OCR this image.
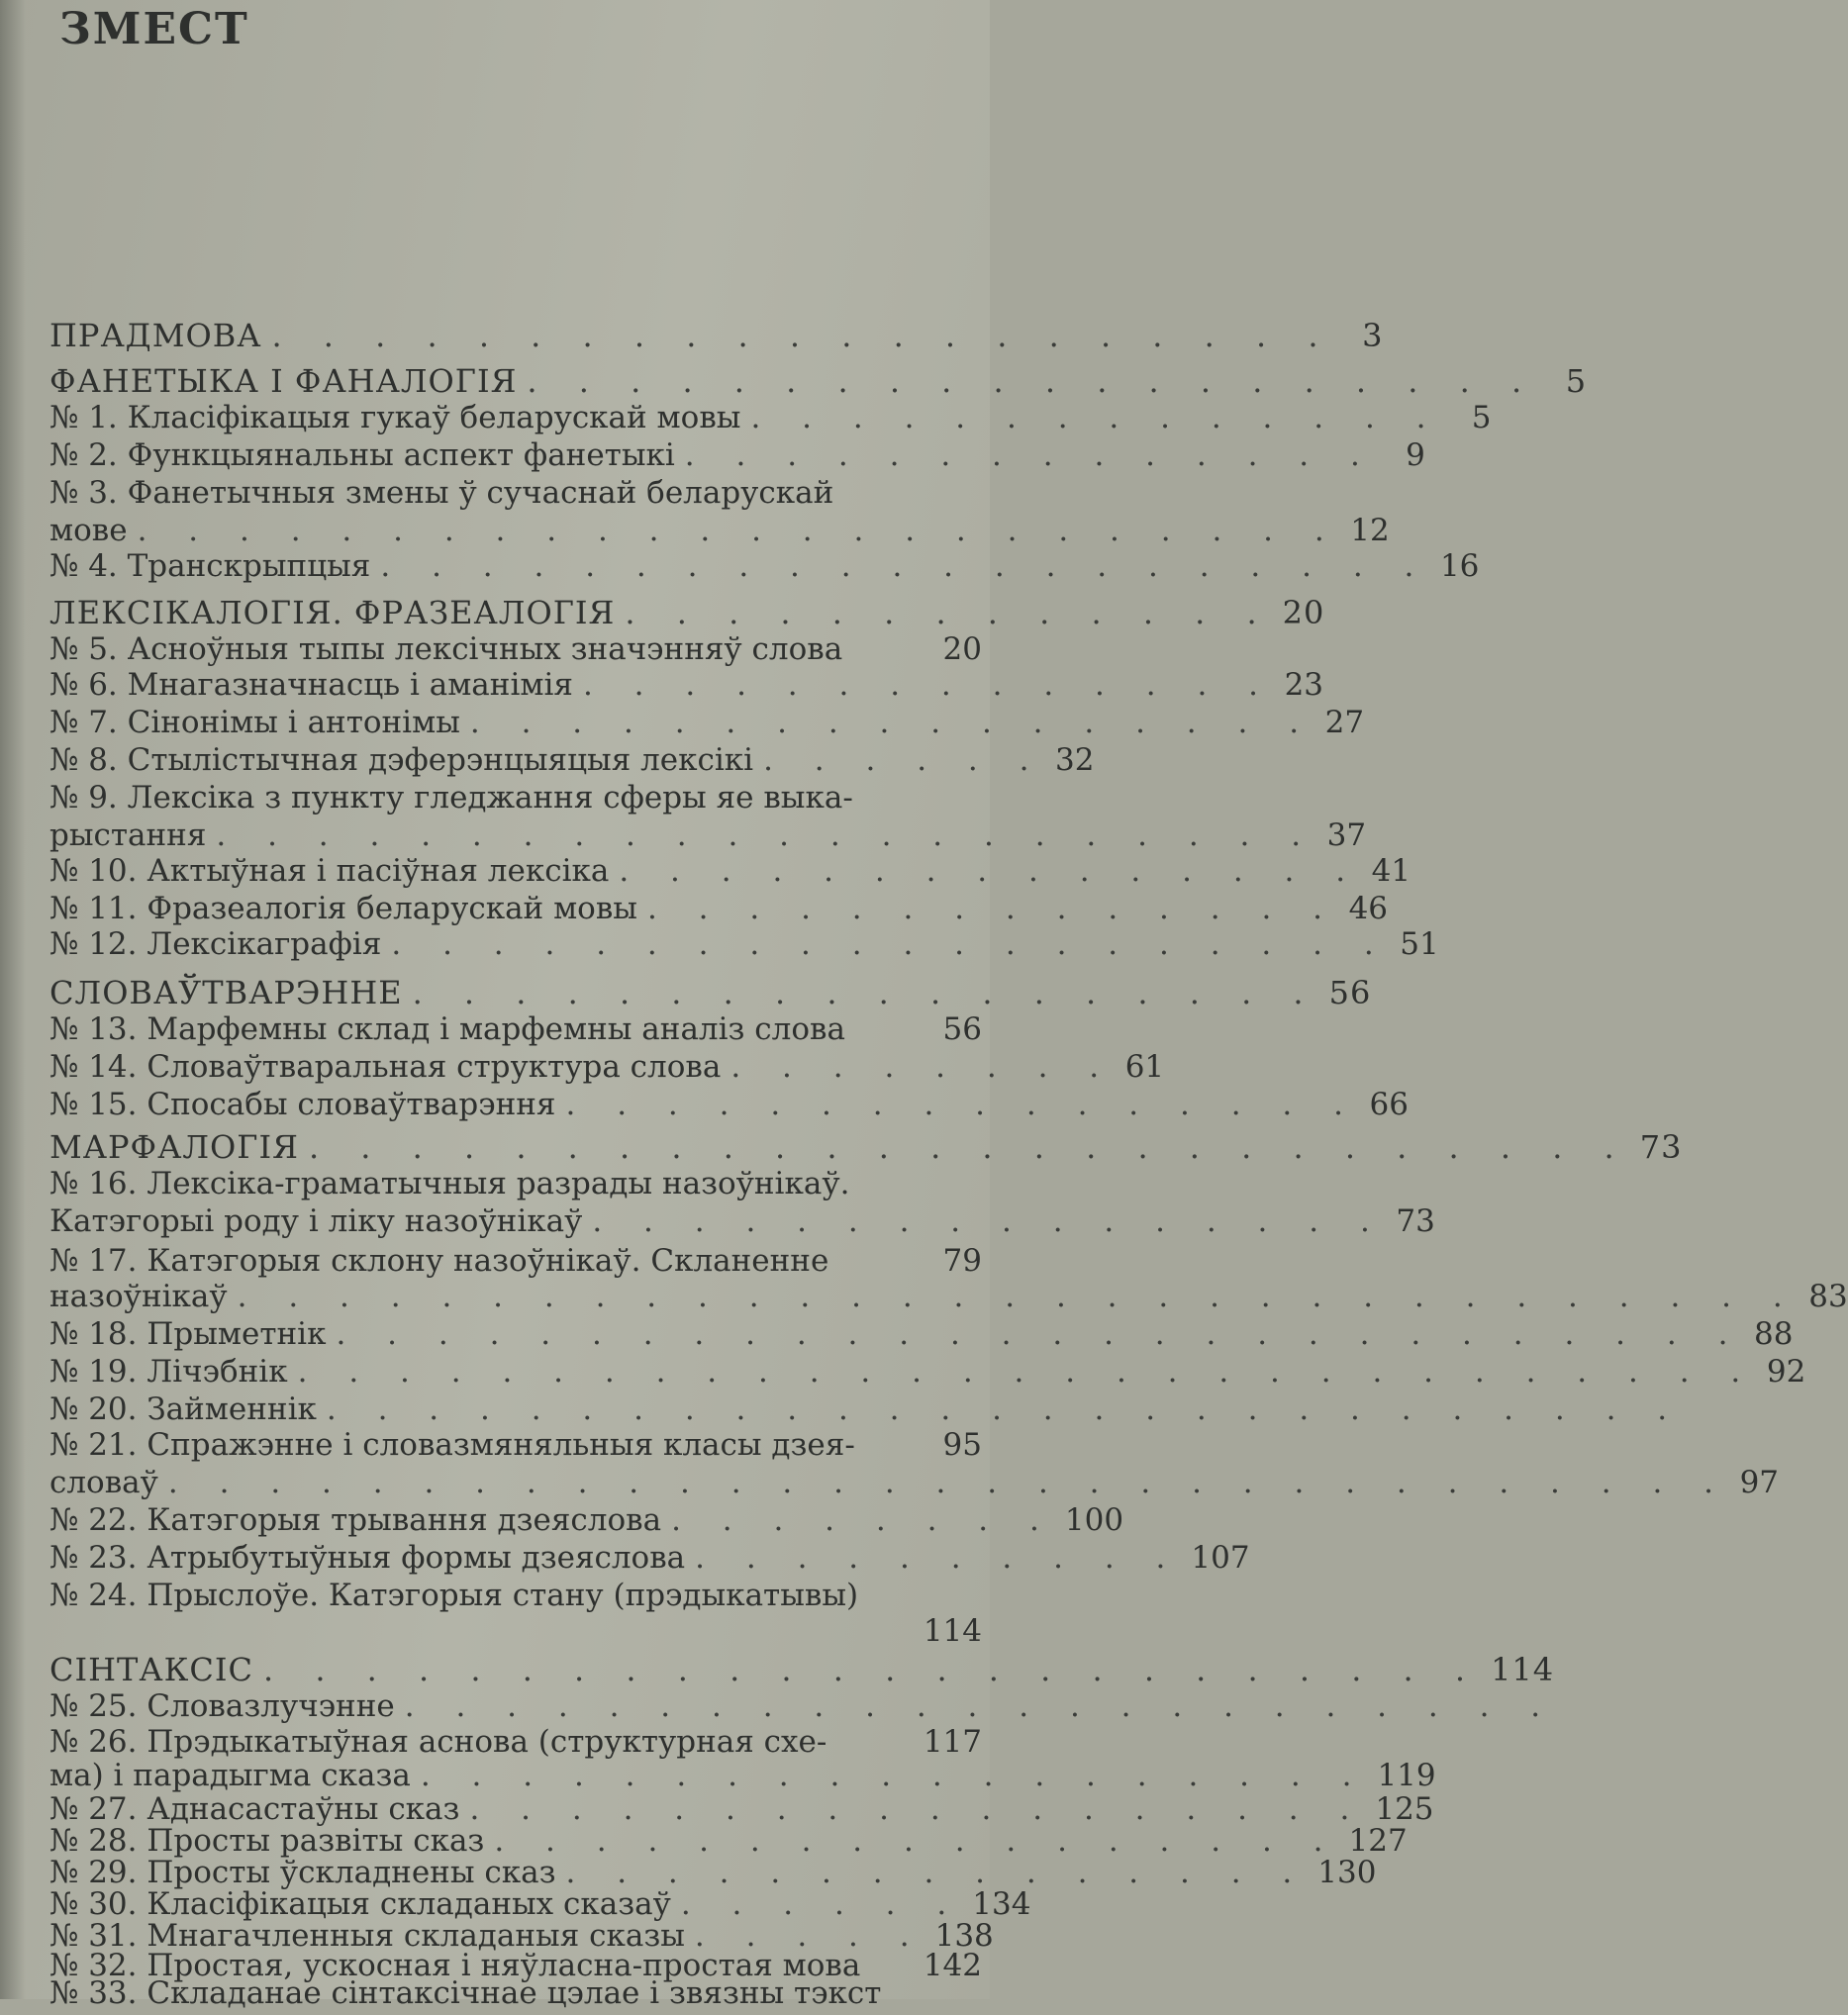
ЗМЕСТ
ПРАДМОВА . . . . . . . . . . . . . . . . . . . . . 3
ФАНЕТЫКА І ФАНАЛОГІЯ . . . . . . . . . . . . . . . . . . . . 5
№ 1. Класіфікацыя гукаў беларускай мовы . . . . . . . . . . . . . . 5
№ 2. Функцыянальны аспект фанетыкі . . . . . . . . . . . . . . 9
№ 3. Фанетычныя змены ў сучаснай беларускай
мове . . . . . . . . . . . . . . . . . . . . . . . . 12
№ 4. Транскрыпцыя . . . . . . . . . . . . . . . . . . . . . 16
ЛЕКСІКАЛОГІЯ. ФРАЗЕАЛОГІЯ . . . . . . . . . . . . . 20
№ 5. Асноўныя тыпы лексічных значэнняў слова	20
№ 6. Мнагазначнасць і аманімія . . . . . . . . . . . . . . 23
№ 7. Сінонімы і антонімы . . . . . . . . . . . . . . . . . 27
№ 8. Стылістычная дэферэнцыяцыя лексікі . . . . . . 32
№ 9. Лексіка з пункту гледжання сферы яе выка-
рыстання . . . . . . . . . . . . . . . . . . . . . . 37
№ 10. Актыўная і пасіўная лексіка . . . . . . . . . . . . . . . 41
№ 11. Фразеалогія беларускай мовы . . . . . . . . . . . . . . 46
№ 12. Лексікаграфія . . . . . . . . . . . . . . . . . . . . 51
СЛОВАЎТВАРЭННЕ . . . . . . . . . . . . . . . . . . 56
№ 13. Марфемны склад і марфемны аналіз слова	56
№ 14. Словаўтваральная структура слова . . . . . . . . 61
№ 15. Спосабы словаўтварэння . . . . . . . . . . . . . . . . 66
МАРФАЛОГІЯ . . . . . . . . . . . . . . . . . . . . . . . . . . 73
№ 16. Лексіка-граматычныя разрады назоўнікаў.
Катэгорыі роду і ліку назоўнікаў . . . . . . . . . . . . . . . . 73
№ 17. Катэгорыя склону назоўнікаў. Скланенне	79
назоўнікаў . . . . . . . . . . . . . . . . . . . . . . . . . . . . . . . 83
№ 18. Прыметнік . . . . . . . . . . . . . . . . . . . . . . . . . . . . 88
№ 19. Лічэбнік . . . . . . . . . . . . . . . . . . . . . . . . . . . . . 92
№ 20. Займеннік . . . . . . . . . . . . . . . . . . . . . . . . . . .
№ 21. Спражэнне і словазмяняльныя класы дзея-	95
словаў . . . . . . . . . . . . . . . . . . . . . . . . . . . . . . . 97
№ 22. Катэгорыя трывання дзеяслова . . . . . . . . 100
№ 23. Атрыбутыўныя формы дзеяслова . . . . . . . . . . 107
№ 24. Прыслоўе. Катэгорыя стану (прэдыкатывы)
114
СІНТАКСІС . . . . . . . . . . . . . . . . . . . . . . . . 114
№ 25. Словазлучэнне . . . . . . . . . . . . . . . . . . . . . . .
№ 26. Прэдыкатыўная аснова (структурная схе-	117
ма) і парадыгма сказа . . . . . . . . . . . . . . . . . . . 119
№ 27. Аднасастаўны сказ . . . . . . . . . . . . . . . . . . 125
№ 28. Просты развіты сказ . . . . . . . . . . . . . . . . . 127
№ 29. Просты ўскладнены сказ . . . . . . . . . . . . . . . 130
№ 30. Класіфікацыя складаных сказаў . . . . . . 134
№ 31. Мнагачленныя складаныя сказы . . . . . 138
№ 32. Простая, ускосная і няўласна-простая мова 142
№ 33. Складанае сінтаксічнае цэлае і звязны тэкст
